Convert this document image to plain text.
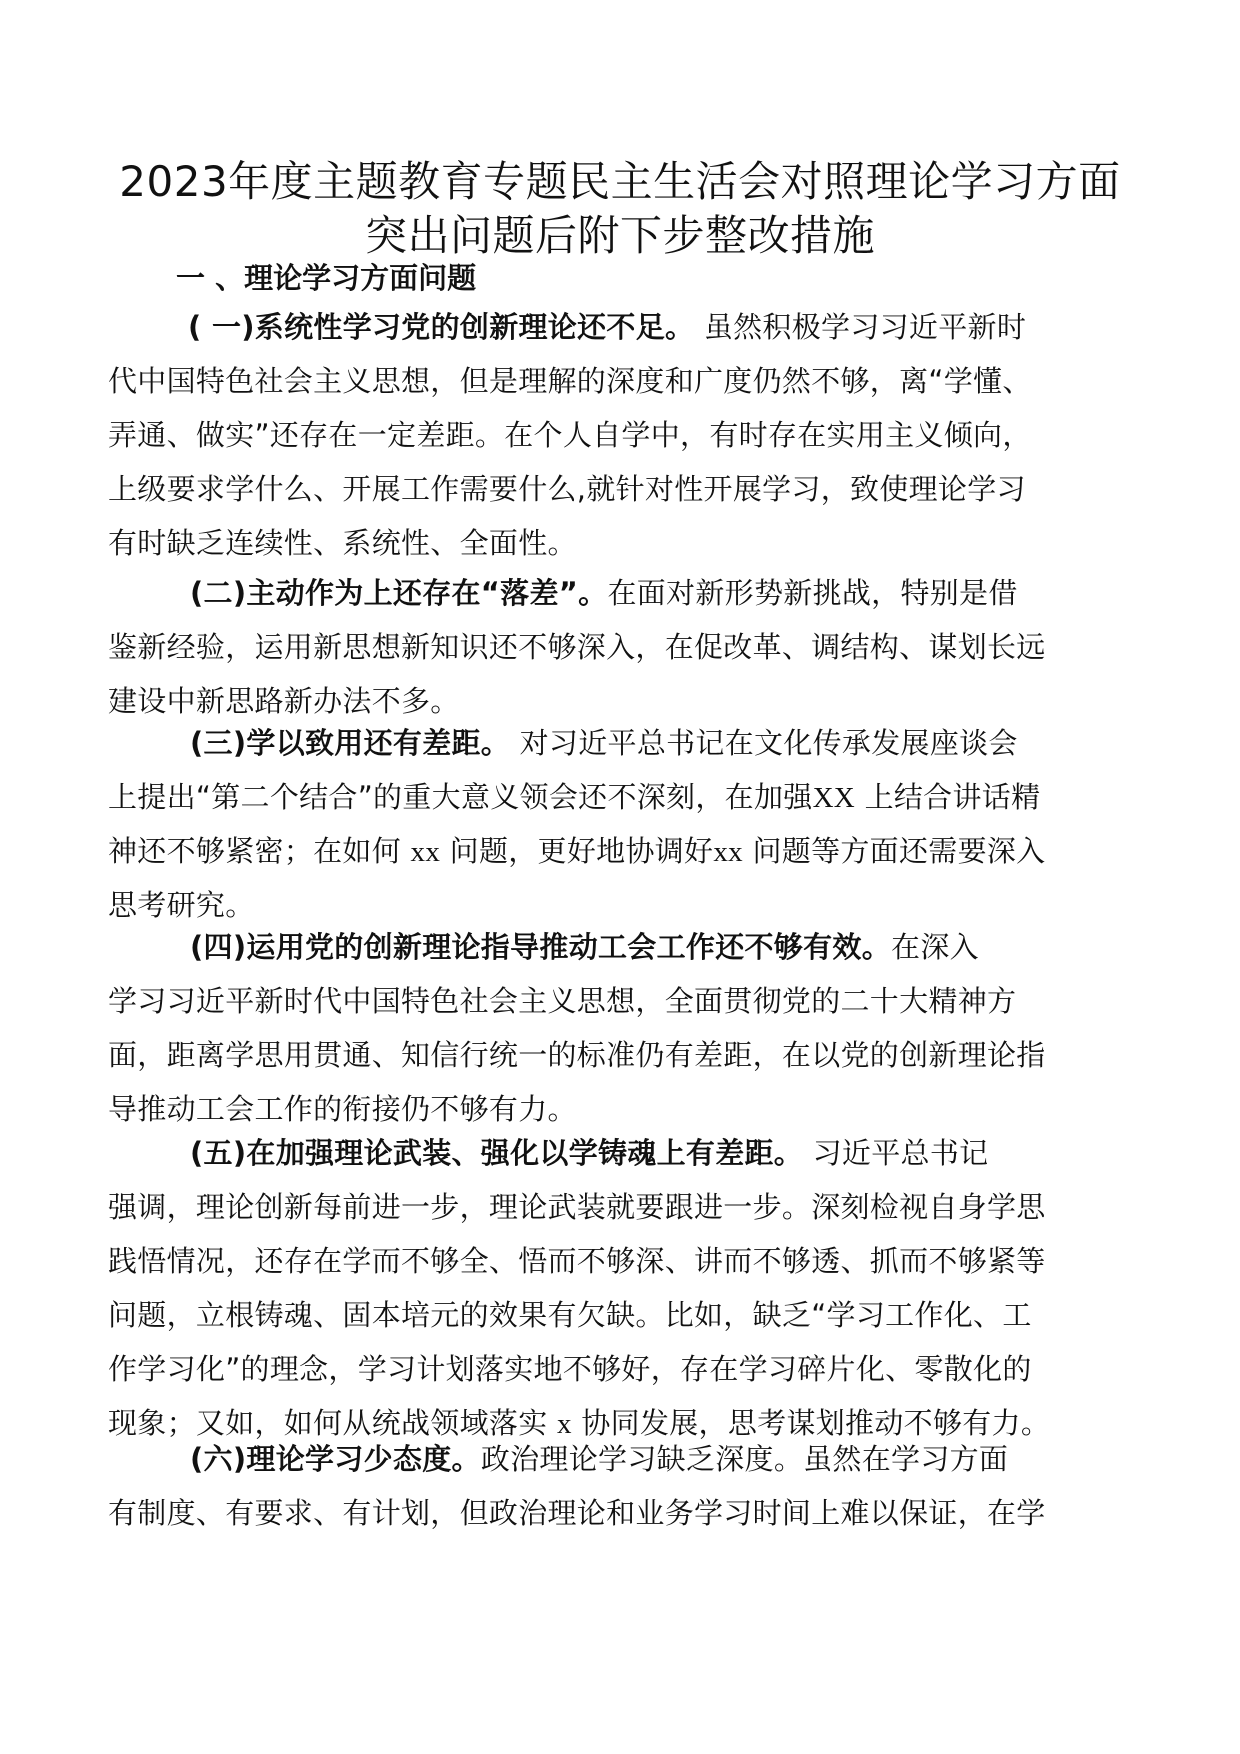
2023年度主题教育专题民主生活会对照理论学习方面
突出问题后附下步整改措施
一 、理论学习方面问题
( 一)系统性学习党的创新理论还不足。 虽然积极学习习近平新时
代中国特色社会主义思想，但是理解的深度和广度仍然不够，离“学懂、
弄通、做实”还存在一定差距。在个人自学中，有时存在实用主义倾向，
上级要求学什么、开展工作需要什么,就针对性开展学习，致使理论学习
有时缺乏连续性、系统性、全面性。
(二)主动作为上还存在“落差”。在面对新形势新挑战，特别是借
鉴新经验，运用新思想新知识还不够深入，在促改革、调结构、谋划长远
建设中新思路新办法不多。
(三)学以致用还有差距。 对习近平总书记在文化传承发展座谈会
上提出“第二个结合”的重大意义领会还不深刻，在加强XX 上结合讲话精
神还不够紧密；在如何 xx 问题，更好地协调好xx 问题等方面还需要深入
思考研究。
(四)运用党的创新理论指导推动工会工作还不够有效。在深入
学习习近平新时代中国特色社会主义思想，全面贯彻党的二十大精神方
面，距离学思用贯通、知信行统一的标准仍有差距，在以党的创新理论指
导推动工会工作的衔接仍不够有力。
(五)在加强理论武装、强化以学铸魂上有差距。 习近平总书记
强调，理论创新每前进一步，理论武装就要跟进一步。深刻检视自身学思
践悟情况，还存在学而不够全、悟而不够深、讲而不够透、抓而不够紧等
问题，立根铸魂、固本培元的效果有欠缺。比如，缺乏“学习工作化、工
作学习化”的理念，学习计划落实地不够好，存在学习碎片化、零散化的
现象；又如，如何从统战领域落实 x 协同发展，思考谋划推动不够有力。
(六)理论学习少态度。政治理论学习缺乏深度。虽然在学习方面
有制度、有要求、有计划，但政治理论和业务学习时间上难以保证，在学
